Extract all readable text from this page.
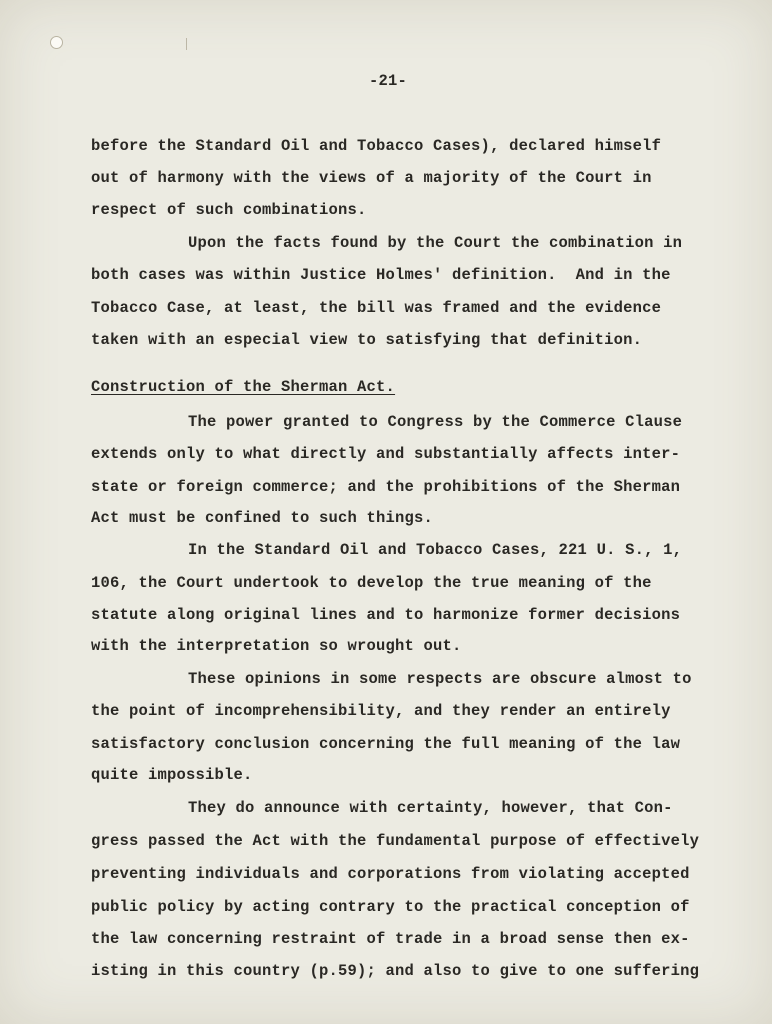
-21-
before the Standard Oil and Tobacco Cases), declared himself
out of harmony with the views of a majority of the Court in
respect of such combinations.
Upon the facts found by the Court the combination in
both cases was within Justice Holmes' definition.  And in the
Tobacco Case, at least, the bill was framed and the evidence
taken with an especial view to satisfying that definition.
Construction of the Sherman Act.
The power granted to Congress by the Commerce Clause
extends only to what directly and substantially affects inter-
state or foreign commerce; and the prohibitions of the Sherman
Act must be confined to such things.
In the Standard Oil and Tobacco Cases, 221 U. S., 1,
106, the Court undertook to develop the true meaning of the
statute along original lines and to harmonize former decisions
with the interpretation so wrought out.
These opinions in some respects are obscure almost to
the point of incomprehensibility, and they render an entirely
satisfactory conclusion concerning the full meaning of the law
quite impossible.
They do announce with certainty, however, that Con-
gress passed the Act with the fundamental purpose of effectively
preventing individuals and corporations from violating accepted
public policy by acting contrary to the practical conception of
the law concerning restraint of trade in a broad sense then ex-
isting in this country (p.59); and also to give to one suffering
